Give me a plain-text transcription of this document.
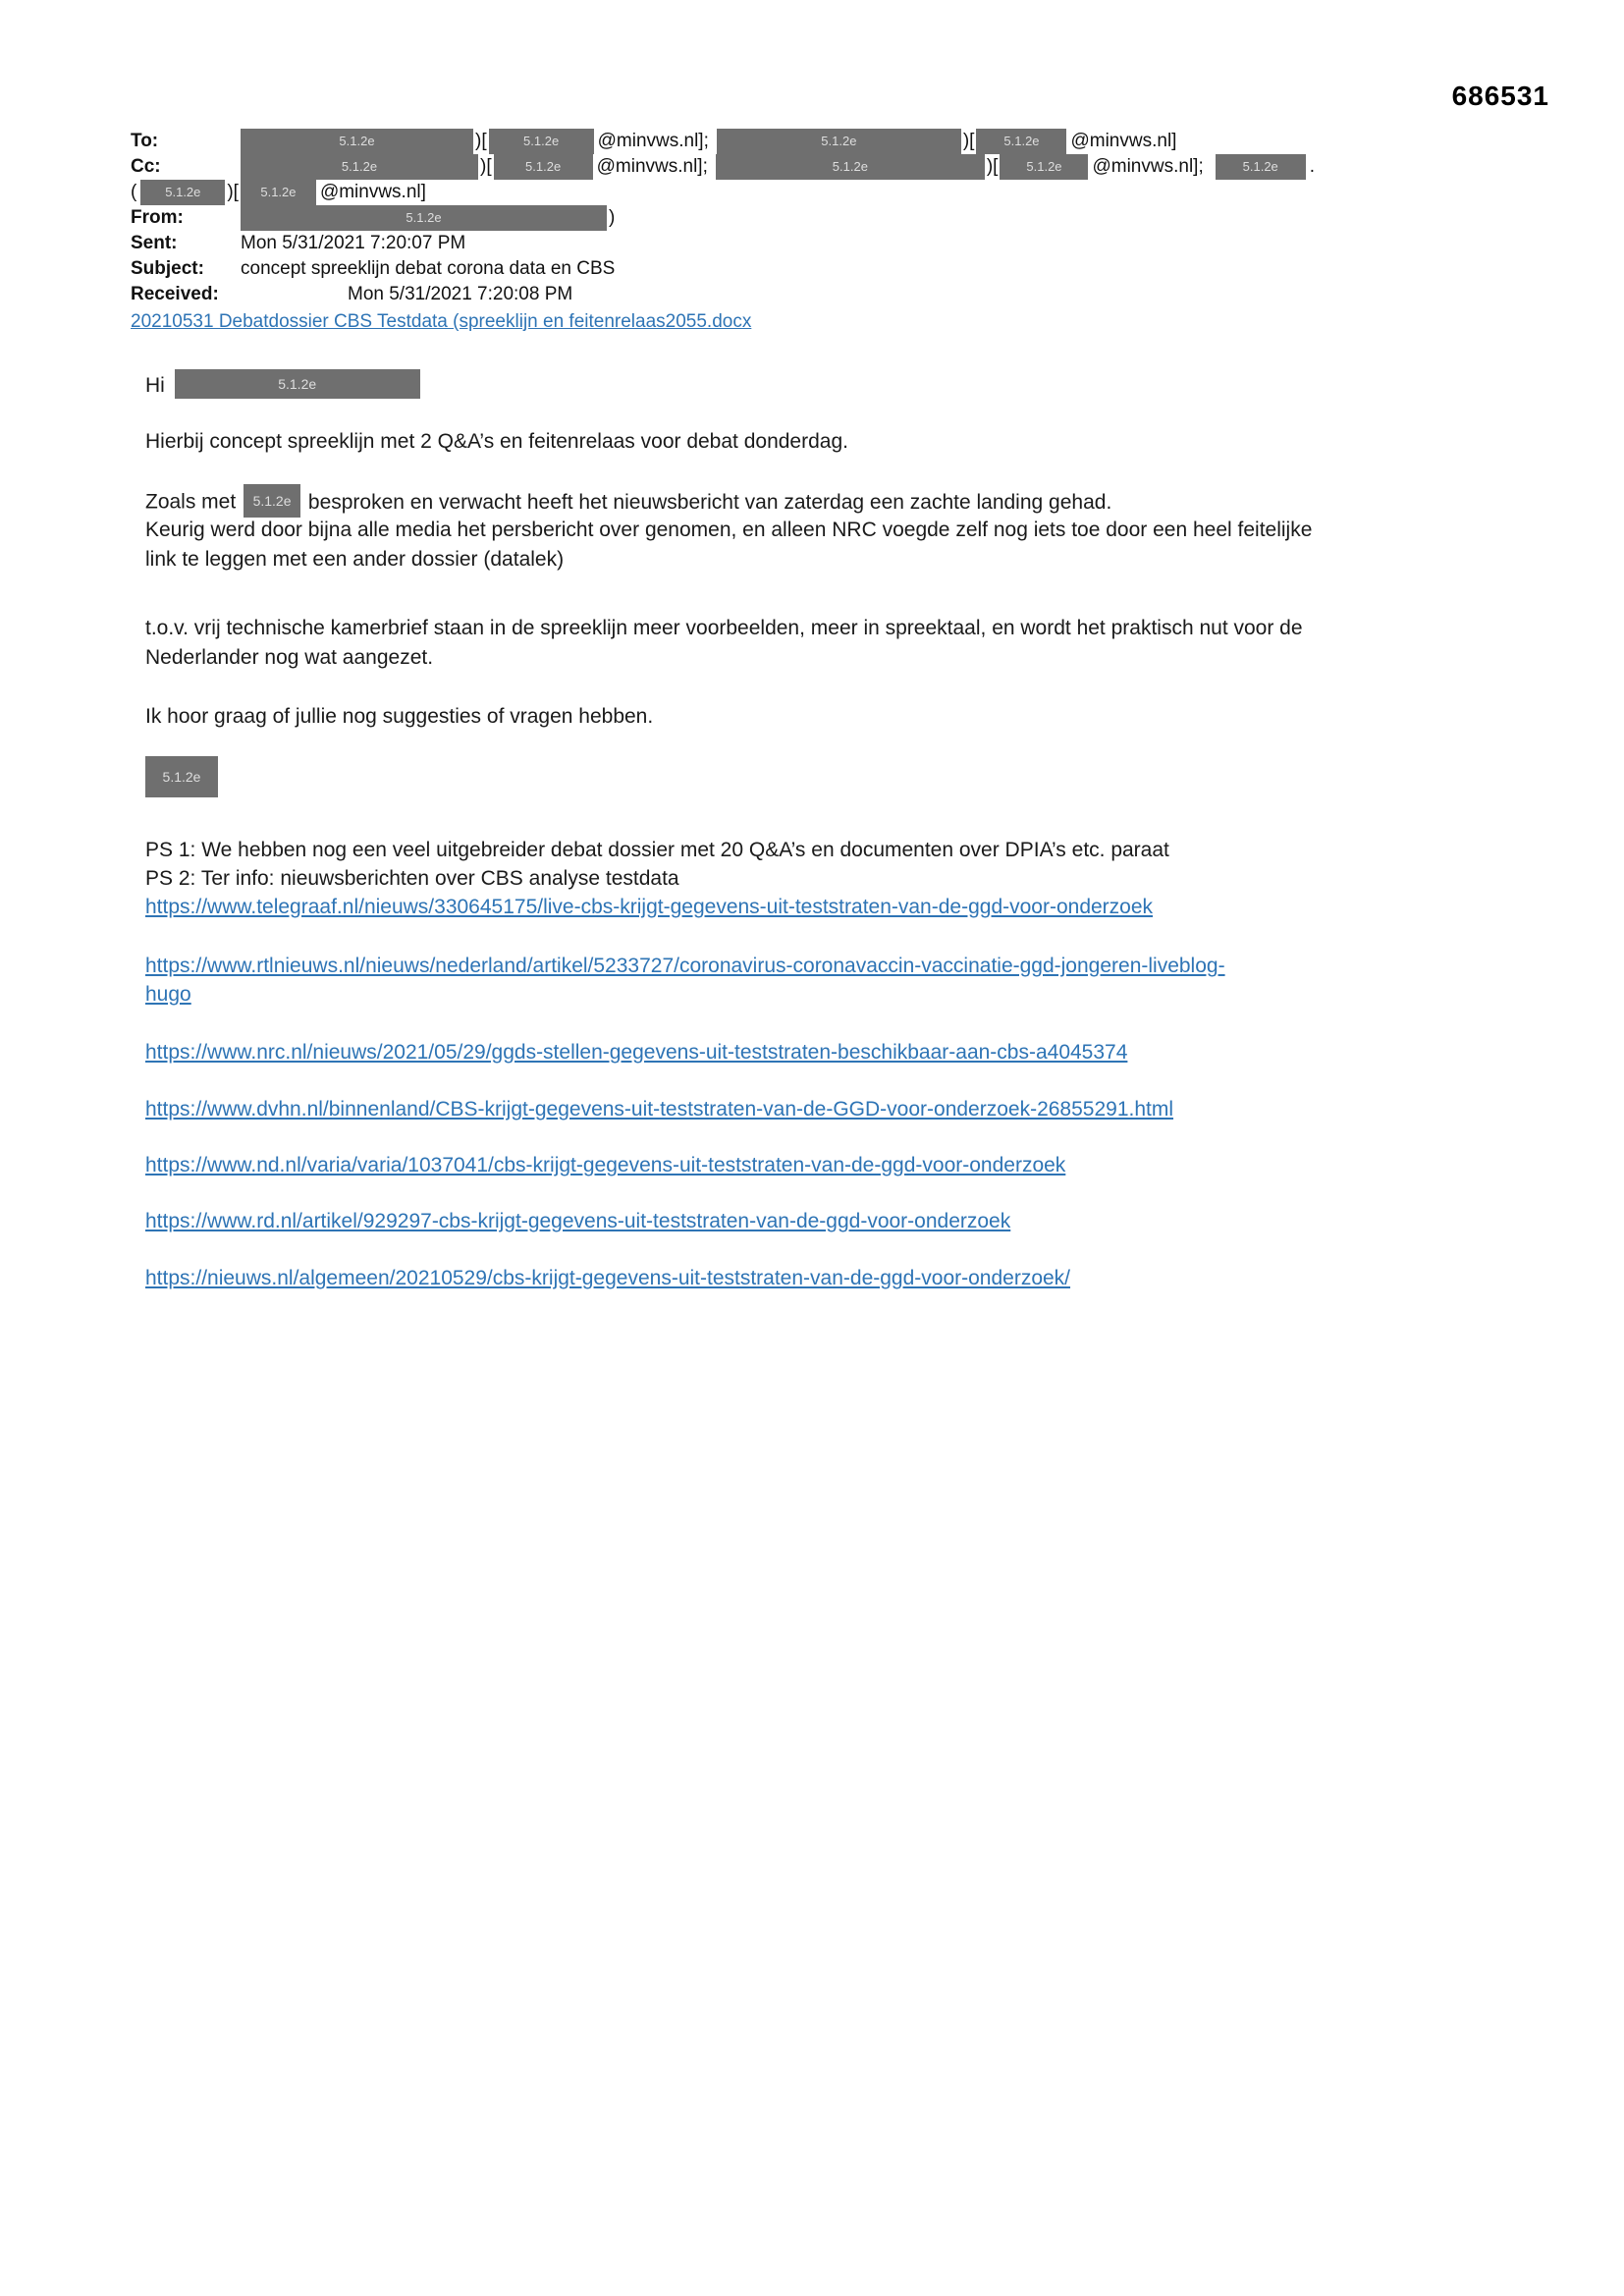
686531
To:	5.1.2e	)[	5.1.2e	@minvws.nl];	5.1.2e	)[	5.1.2e	@minvws.nl]
Cc:	5.1.2e	)[	5.1.2e	@minvws.nl];	5.1.2e	)[	5.1.2e	@minvws.nl];	5.1.2e	.
(	5.1.2e	)[	5.1.2e	@minvws.nl]
From:	5.1.2e	)
Sent:	Mon 5/31/2021 7:20:07 PM
Subject:	concept spreeklijn debat corona data en CBS
Received:	Mon 5/31/2021 7:20:08 PM
20210531 Debatdossier CBS Testdata (spreeklijn en feitenrelaas2055.docx
Hi	5.1.2e
Hierbij concept spreeklijn met 2 Q&A’s en feitenrelaas voor debat donderdag.
Zoals met 5.1.2e besproken en verwacht heeft het nieuwsbericht van zaterdag een zachte landing gehad.
Keurig werd door bijna alle media het persbericht over genomen, en alleen NRC voegde zelf nog iets toe door een heel feitelijke
link te leggen met een ander dossier (datalek)
t.o.v. vrij technische kamerbrief staan in de spreeklijn meer voorbeelden, meer in spreektaal, en wordt het praktisch nut voor de
Nederlander nog wat aangezet.
Ik hoor graag of jullie nog suggesties of vragen hebben.
5.1.2e
PS 1: We hebben nog een veel uitgebreider debat dossier met 20 Q&A’s en documenten over DPIA’s etc. paraat
PS 2: Ter info: nieuwsberichten over CBS analyse testdata
https://www.telegraaf.nl/nieuws/330645175/live-cbs-krijgt-gegevens-uit-teststraten-van-de-ggd-voor-onderzoek
https://www.rtlnieuws.nl/nieuws/nederland/artikel/5233727/coronavirus-coronavaccin-vaccinatie-ggd-jongeren-liveblog-
hugo
https://www.nrc.nl/nieuws/2021/05/29/ggds-stellen-gegevens-uit-teststraten-beschikbaar-aan-cbs-a4045374
https://www.dvhn.nl/binnenland/CBS-krijgt-gegevens-uit-teststraten-van-de-GGD-voor-onderzoek-26855291.html
https://www.nd.nl/varia/varia/1037041/cbs-krijgt-gegevens-uit-teststraten-van-de-ggd-voor-onderzoek
https://www.rd.nl/artikel/929297-cbs-krijgt-gegevens-uit-teststraten-van-de-ggd-voor-onderzoek
https://nieuws.nl/algemeen/20210529/cbs-krijgt-gegevens-uit-teststraten-van-de-ggd-voor-onderzoek/
